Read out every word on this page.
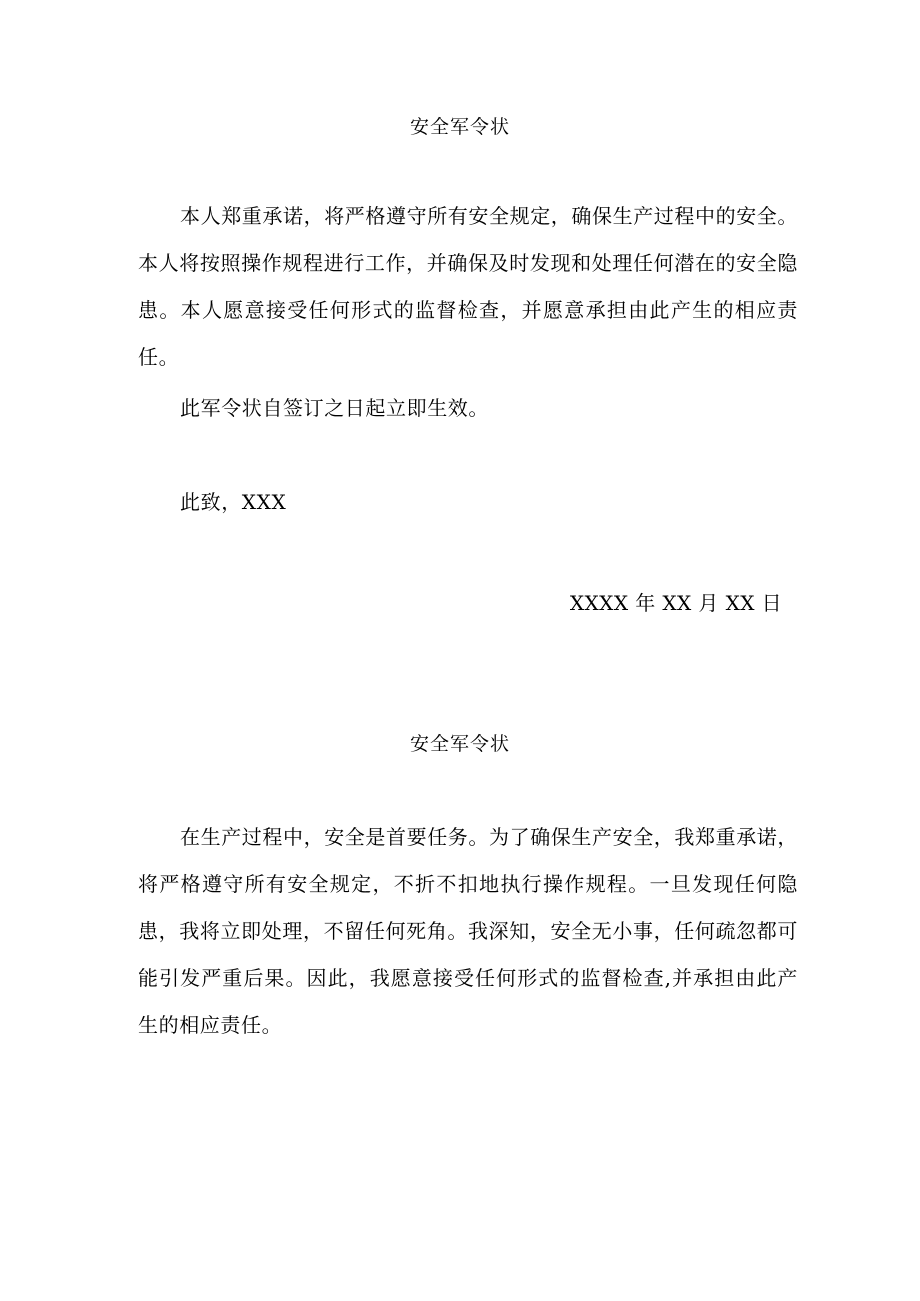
安全军令状

本人郑重承诺，将严格遵守所有安全规定，确保生产过程中的安全。本人将按照操作规程进行工作，并确保及时发现和处理任何潜在的安全隐患。本人愿意接受任何形式的监督检查，并愿意承担由此产生的相应责任。

此军令状自签订之日起立即生效。
此致，XXX
XXXX 年 XX 月 XX 日
安全军令状

在生产过程中，安全是首要任务。为了确保生产安全，我郑重承诺，将严格遵守所有安全规定，不折不扣地执行操作规程。一旦发现任何隐患，我将立即处理，不留任何死角。我深知，安全无小事，任何疏忽都可能引发严重后果。因此，我愿意接受任何形式的监督检查,并承担由此产生的相应责任。
